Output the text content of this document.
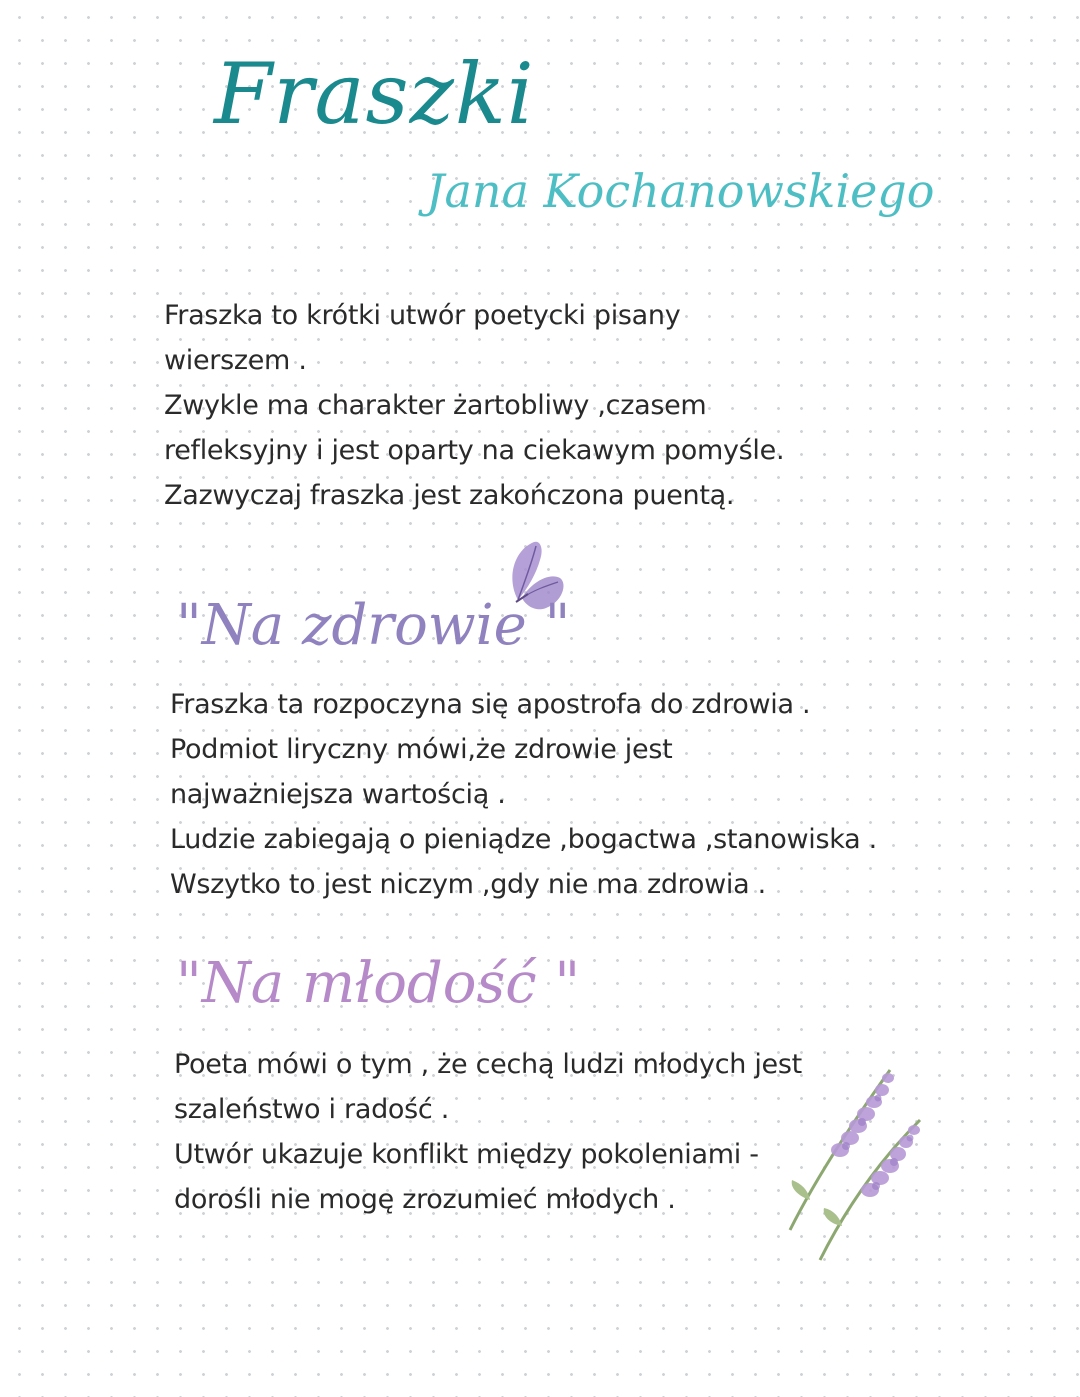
Fraszki
Jana Kochanowskiego
Fraszka to krótki utwór poetycki pisany
wierszem .
Zwykle ma charakter żartobliwy ,czasem
refleksyjny i jest oparty na ciekawym pomyśle.
Zazwyczaj fraszka jest zakończona puentą.
"Na zdrowie "
Fraszka ta rozpoczyna się apostrofa do zdrowia .
Podmiot liryczny mówi,że zdrowie jest
najważniejsza wartością .
Ludzie zabiegają o pieniądze ,bogactwa ,stanowiska .
Wszytko to jest niczym ,gdy nie ma zdrowia .
"Na młodość "
Poeta mówi o tym , że cechą ludzi młodych jest
szaleństwo i radość .
Utwór ukazuje konflikt między pokoleniami -
dorośli nie mogę zrozumieć młodych .
